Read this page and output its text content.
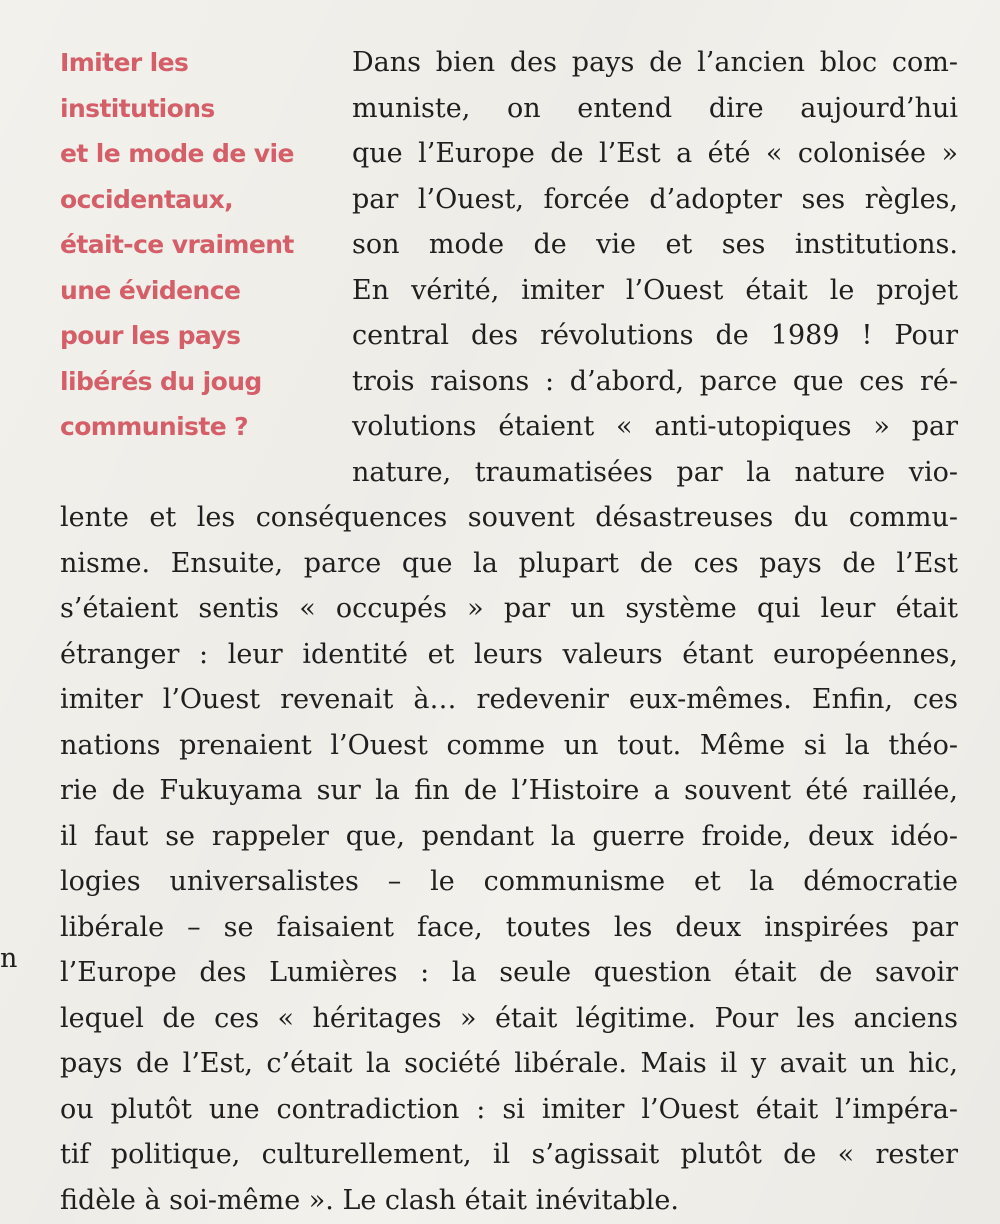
Imiter les
institutions
et le mode de vie
occidentaux,
était-ce vraiment
une évidence
pour les pays
libérés du joug
communiste ?
Dans bien des pays de l’ancien bloc com-
muniste, on entend dire aujourd’hui
que l’Europe de l’Est a été « colonisée »
par l’Ouest, forcée d’adopter ses règles,
son mode de vie et ses institutions.
En vérité, imiter l’Ouest était le projet
central des révolutions de 1989 ! Pour
trois raisons : d’abord, parce que ces ré-
volutions étaient « anti-utopiques » par
nature, traumatisées par la nature vio-
lente et les conséquences souvent désastreuses du commu-
nisme. Ensuite, parce que la plupart de ces pays de l’Est
s’étaient sentis « occupés » par un système qui leur était
étranger : leur identité et leurs valeurs étant européennes,
imiter l’Ouest revenait à… redevenir eux-mêmes. Enfin, ces
nations prenaient l’Ouest comme un tout. Même si la théo-
rie de Fukuyama sur la fin de l’Histoire a souvent été raillée,
il faut se rappeler que, pendant la guerre froide, deux idéo-
logies universalistes – le communisme et la démocratie
libérale – se faisaient face, toutes les deux inspirées par
l’Europe des Lumières : la seule question était de savoir
lequel de ces « héritages » était légitime. Pour les anciens
pays de l’Est, c’était la société libérale. Mais il y avait un hic,
ou plutôt une contradiction : si imiter l’Ouest était l’impéra-
tif politique, culturellement, il s’agissait plutôt de « rester
fidèle à soi-même ». Le clash était inévitable.
n
